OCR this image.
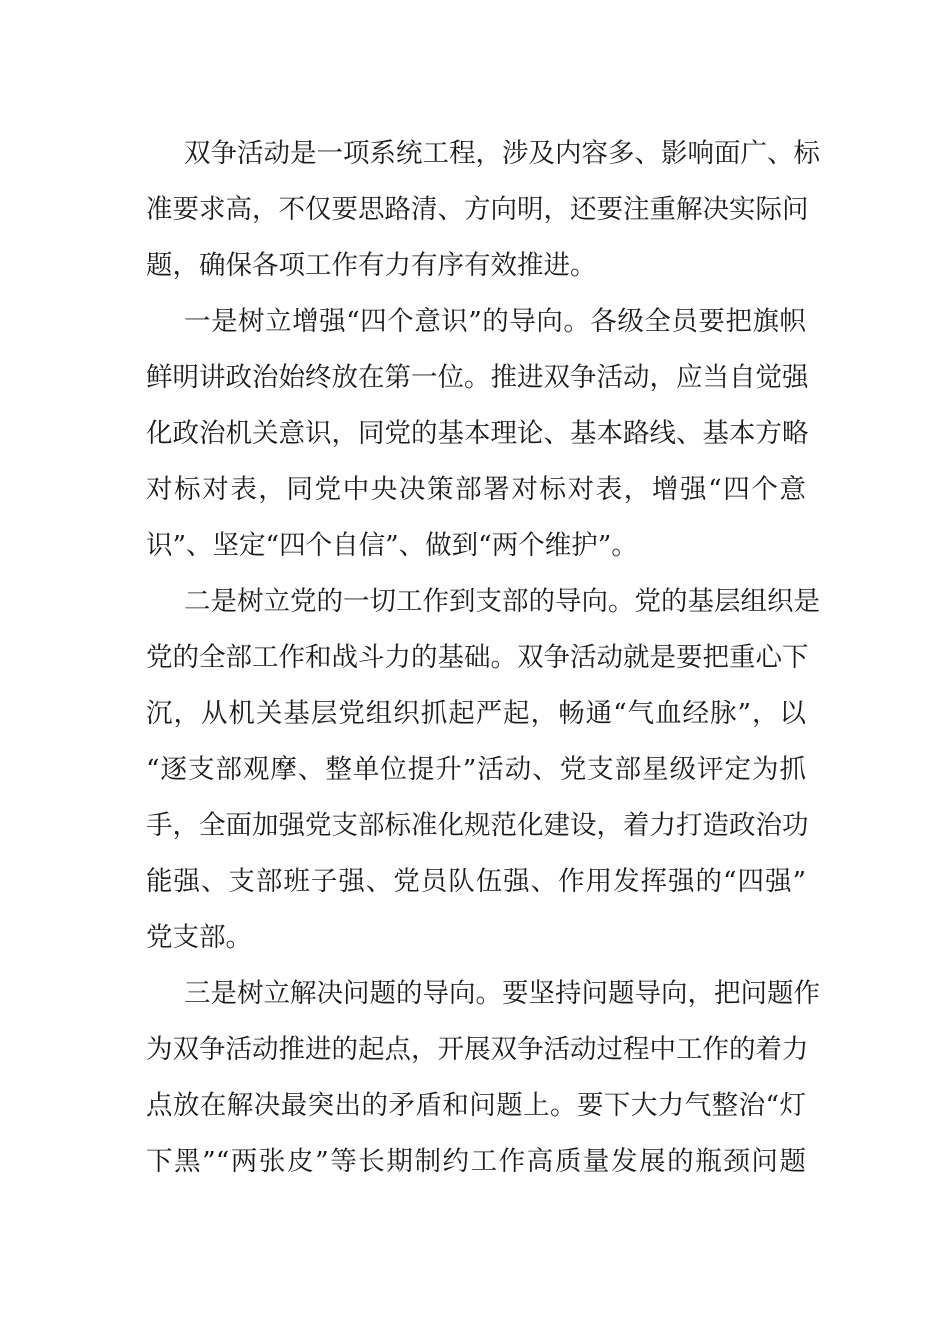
双争活动是一项系统工程，涉及内容多、影响面广、标
准要求高，不仅要思路清、方向明，还要注重解决实际问
题，确保各项工作有力有序有效推进。
一是树立增强“四个意识”的导向。各级全员要把旗帜
鲜明讲政治始终放在第一位。推进双争活动，应当自觉强
化政治机关意识，同党的基本理论、基本路线、基本方略
对标对表，同党中央决策部署对标对表，增强“四个意
识”、坚定“四个自信”、做到“两个维护”。
二是树立党的一切工作到支部的导向。党的基层组织是
党的全部工作和战斗力的基础。双争活动就是要把重心下
沉，从机关基层党组织抓起严起，畅通“气血经脉”，以
“逐支部观摩、整单位提升”活动、党支部星级评定为抓
手，全面加强党支部标准化规范化建设，着力打造政治功
能强、支部班子强、党员队伍强、作用发挥强的“四强”
党支部。
三是树立解决问题的导向。要坚持问题导向，把问题作
为双争活动推进的起点，开展双争活动过程中工作的着力
点放在解决最突出的矛盾和问题上。要下大力气整治“灯
下黑”“两张皮”等长期制约工作高质量发展的瓶颈问题
